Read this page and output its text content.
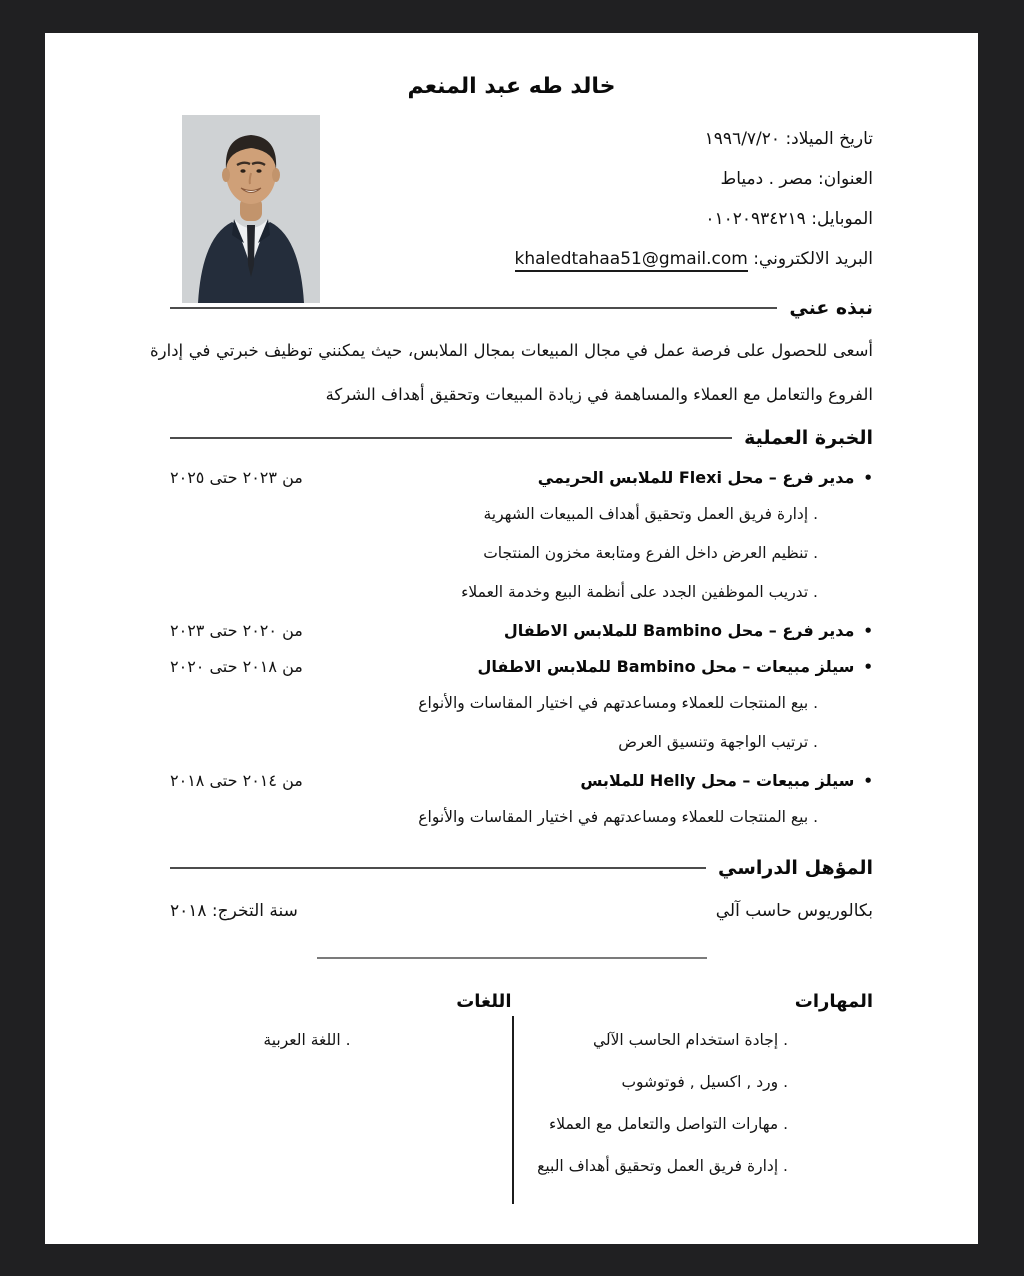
خالد طه عبد المنعم
تاريخ الميلاد: ١٩٩٦/٧/٢٠
العنوان: مصر . دمياط
الموبايل: ٠١٠٢٠٩٣٤٢١٩
البريد الالكتروني: khaledtahaa51@gmail.com
نبذه عني

أسعى للحصول على فرصة عمل في مجال المبيعات بمجال الملابس، حيث يمكنني توظيف خبرتي في إدارة الفروع والتعامل مع العملاء والمساهمة في زيادة المبيعات وتحقيق أهداف الشركة

الخبرة العملية
•مدير فرع – محل Flexi للملابس الحريمي
من ٢٠٢٣ حتى ٢٠٢٥
. إدارة فريق العمل وتحقيق أهداف المبيعات الشهرية
. تنظيم العرض داخل الفرع ومتابعة مخزون المنتجات
. تدريب الموظفين الجدد على أنظمة البيع وخدمة العملاء
•مدير فرع – محل Bambino للملابس الاطفال
من ٢٠٢٠ حتى ٢٠٢٣
•سيلز مبيعات – محل Bambino للملابس الاطفال
من ٢٠١٨ حتى ٢٠٢٠
. بيع المنتجات للعملاء ومساعدتهم في اختيار المقاسات والأنواع
. ترتيب الواجهة وتنسيق العرض
•سيلز مبيعات – محل Helly للملابس
من ٢٠١٤ حتى ٢٠١٨
. بيع المنتجات للعملاء ومساعدتهم في اختيار المقاسات والأنواع
المؤهل الدراسي
بكالوريوس حاسب آلي
سنة التخرج: ٢٠١٨
المهارات
اللغات
. إجادة استخدام الحاسب الآلي
. ورد , اكسيل , فوتوشوب
. مهارات التواصل والتعامل مع العملاء
. إدارة فريق العمل وتحقيق أهداف البيع
. اللغة العربية
